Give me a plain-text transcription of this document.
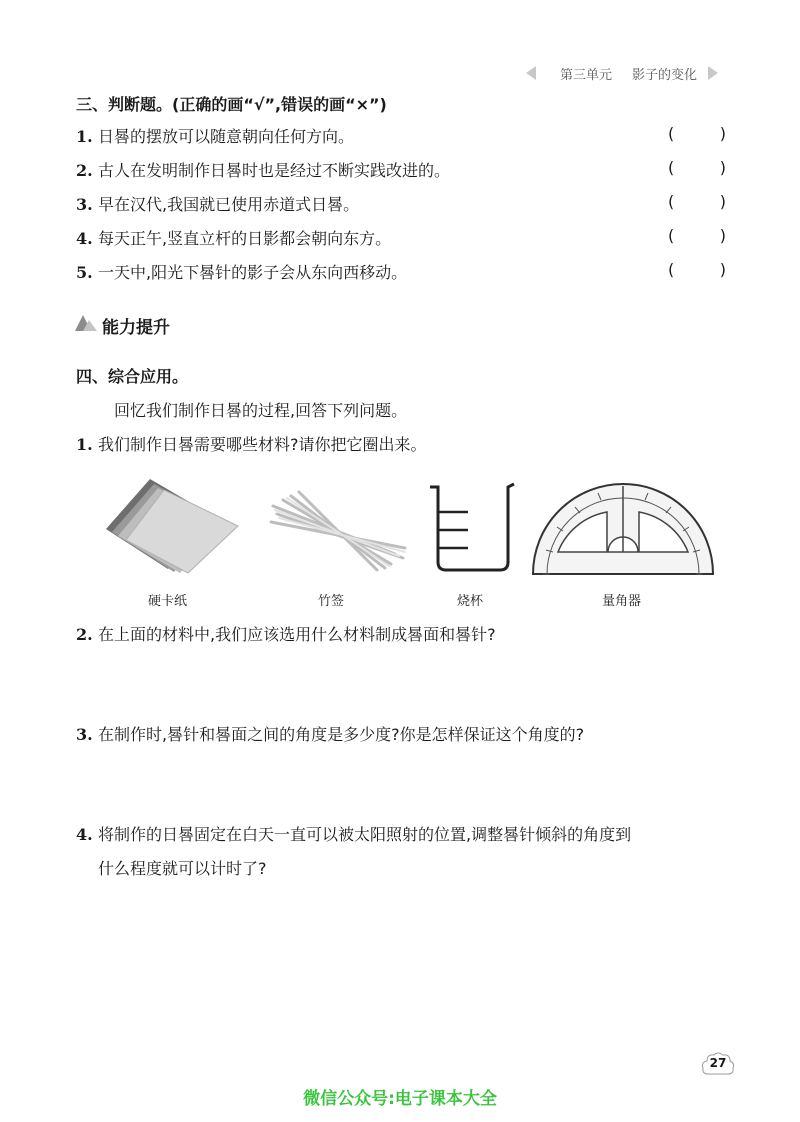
第三单元 影子的变化
三、判断题。(正确的画“√”,错误的画“×”)
1. 日晷的摆放可以随意朝向任何方向。	(	)
2. 古人在发明制作日晷时也是经过不断实践改进的。	(	)
3. 早在汉代,我国就已使用赤道式日晷。	(	)
4. 每天正午,竖直立杆的日影都会朝向东方。	(	)
5. 一天中,阳光下晷针的影子会从东向西移动。	(	)
能力提升
四、综合应用。
回忆我们制作日晷的过程,回答下列问题。
1. 我们制作日晷需要哪些材料?请你把它圈出来。
硬卡纸	竹签	烧杯	量角器
2. 在上面的材料中,我们应该选用什么材料制成晷面和晷针?
3. 在制作时,晷针和晷面之间的角度是多少度?你是怎样保证这个角度的?
4. 将制作的日晷固定在白天一直可以被太阳照射的位置,调整晷针倾斜的角度到
什么程度就可以计时了?
27
微信公众号:电子课本大全
